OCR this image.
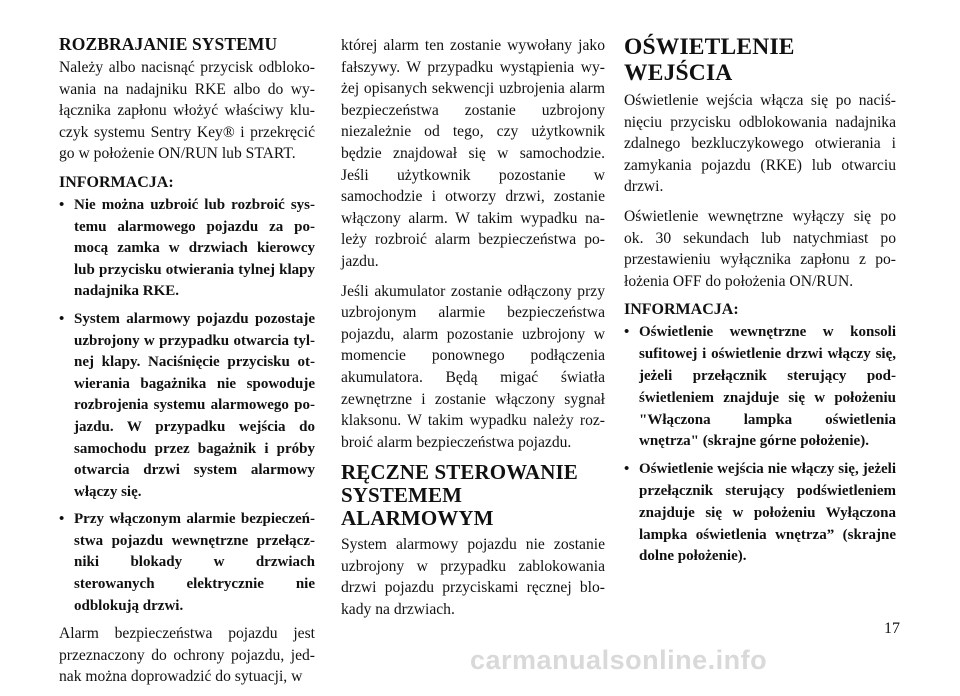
ROZBRAJANIE SYSTEMU

Należy albo nacisnąć przycisk odblokowania na nadajniku RKE albo do wyłącznika zapłonu włożyć właściwy kluczyk systemu Sentry Key® i przekręcić go w położenie ON/RUN lub START.

INFORMACJA:
• Nie można uzbroić lub rozbroić systemu alarmowego pojazdu za pomocą zamka w drzwiach kierowcy lub przycisku otwierania tylnej klapy nadajnika RKE.
• System alarmowy pojazdu pozostaje uzbrojony w przypadku otwarcia tylnej klapy. Naciśnięcie przycisku otwierania bagażnika nie spowoduje rozbrojenia systemu alarmowego pojazdu. W przypadku wejścia do samochodu przez bagażnik i próby otwarcia drzwi system alarmowy włączy się.
• Przy włączonym alarmie bezpieczeństwa pojazdu wewnętrzne przełączniki blokady w drzwiach sterowanych elektrycznie nie odblokują drzwi.

Alarm bezpieczeństwa pojazdu jest przeznaczony do ochrony pojazdu, jednak można doprowadzić do sytuacji, w

której alarm ten zostanie wywołany jako fałszywy. W przypadku wystąpienia wyżej opisanych sekwencji uzbrojenia alarm bezpieczeństwa zostanie uzbrojony niezależnie od tego, czy użytkownik będzie znajdował się w samochodzie. Jeśli użytkownik pozostanie w samochodzie i otworzy drzwi, zostanie włączony alarm. W takim wypadku należy rozbroić alarm bezpieczeństwa pojazdu.

Jeśli akumulator zostanie odłączony przy uzbrojonym alarmie bezpieczeństwa pojazdu, alarm pozostanie uzbrojony w momencie ponownego podłączenia akumulatora. Będą migać światła zewnętrzne i zostanie włączony sygnał klaksonu. W takim wypadku należy rozbroić alarm bezpieczeństwa pojazdu.

RĘCZNE STEROWANIE SYSTEMEM ALARMOWYM

System alarmowy pojazdu nie zostanie uzbrojony w przypadku zablokowania drzwi pojazdu przyciskami ręcznej blokady na drzwiach.

OŚWIETLENIE WEJŚCIA

Oświetlenie wejścia włącza się po naciśnięciu przycisku odblokowania nadajnika zdalnego bezkluczykowego otwierania i zamykania pojazdu (RKE) lub otwarciu drzwi.

Oświetlenie wewnętrzne wyłączy się po ok. 30 sekundach lub natychmiast po przestawieniu wyłącznika zapłonu z położenia OFF do położenia ON/RUN.

INFORMACJA:
• Oświetlenie wewnętrzne w konsoli sufitowej i oświetlenie drzwi włączy się, jeżeli przełącznik sterujący podświetleniem znajduje się w położeniu "Włączona lampka oświetlenia wnętrza" (skrajne górne położenie).
• Oświetlenie wejścia nie włączy się, jeżeli przełącznik sterujący podświetleniem znajduje się w położeniu Wyłączona lampka oświetlenia wnętrza” (skrajne dolne położenie).
17
carmanualsonline.info
